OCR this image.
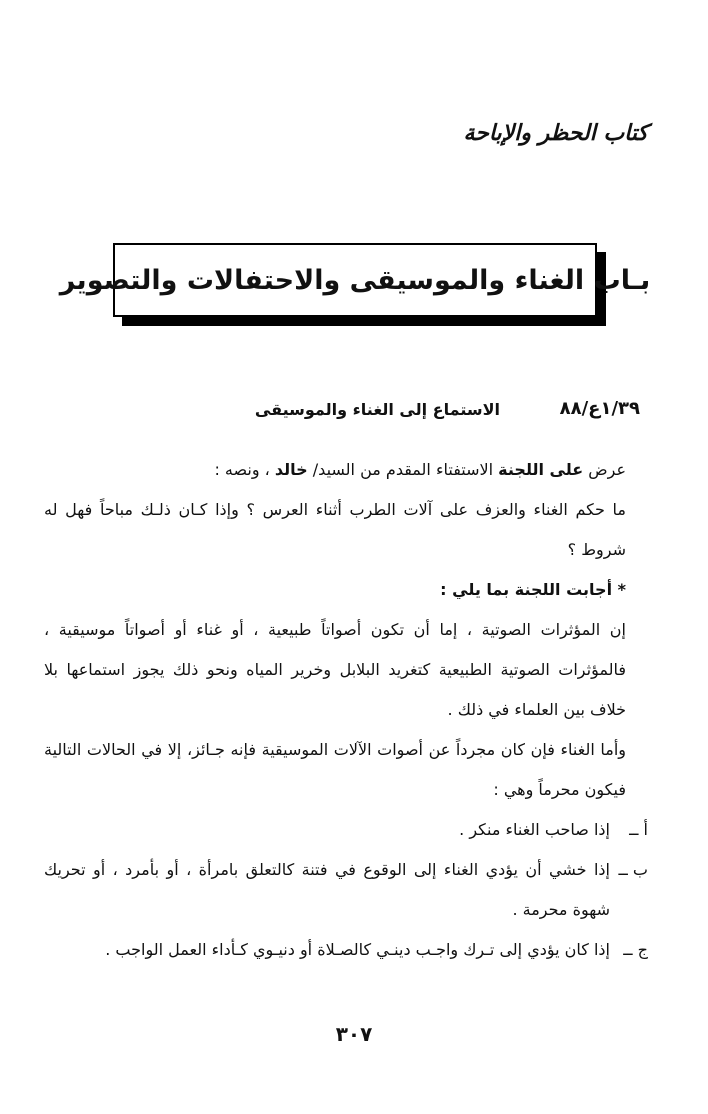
كتاب الحظر والإباحة
بـاب الغناء والموسيقى والاحتفالات والتصوير
١/٣٩ع/٨٨
الاستماع إلى الغناء والموسيقى

عرض على اللجنة الاستفتاء المقدم من السيد/ خالد ، ونصه :

ما حكم الغناء والعزف على آلات الطرب أثناء العرس ؟ وإذا كـان ذلـك مباحاً فهل له شروط ؟

* أجابت اللجنة بما يلي :

إن المؤثرات الصوتية ، إما أن تكون أصواتاً طبيعية ، أو غناء أو أصواتاً موسيقية ، فالمؤثرات الصوتية الطبيعية كتغريد البلابل وخرير المياه ونحو ذلك يجوز استماعها بلا خلاف بين العلماء في ذلك .

وأما الغناء فإن كان مجرداً عن أصوات الآلات الموسيقية فإنه جـائز، إلا في الحالات التالية فيكون محرماً وهي :

أ ــ
إذا صاحب الغناء منكر .
ب ــ
إذا خشي أن يؤدي الغناء إلى الوقوع في فتنة كالتعلق بامرأة ، أو بأمرد ، أو تحريك شهوة محرمة .
ج ــ
إذا كان يؤدي إلى تـرك واجـب دينـي كالصـلاة أو دنيـوي كـأداء العمل الواجب .
٣٠٧
